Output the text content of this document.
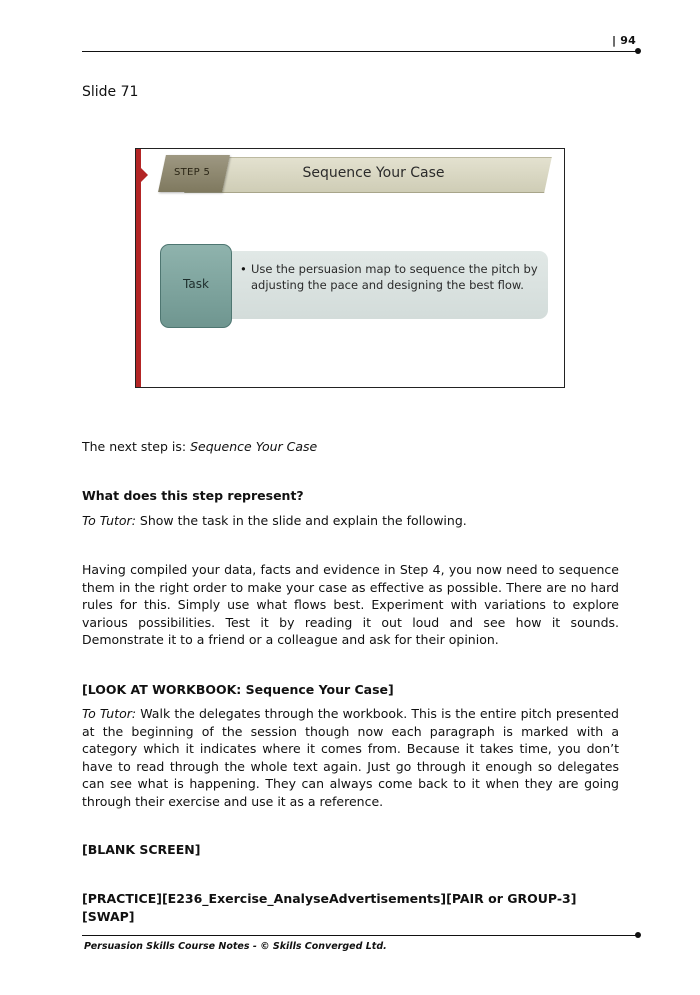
| 94
Slide 71
STEP 5	Sequence Your Case
Task
• Use the persuasion map to sequence the pitch by adjusting the pace and designing the best flow.
The next step is: Sequence Your Case
What does this step represent?
To Tutor: Show the task in the slide and explain the following.
Having compiled your data, facts and evidence in Step 4, you now need to sequence them in the right order to make your case as effective as possible. There are no hard rules for this. Simply use what flows best. Experiment with variations to explore various possibilities. Test it by reading it out loud and see how it sounds. Demonstrate it to a friend or a colleague and ask for their opinion.
[LOOK AT WORKBOOK: Sequence Your Case]
To Tutor: Walk the delegates through the workbook. This is the entire pitch presented at the beginning of the session though now each paragraph is marked with a category which it indicates where it comes from. Because it takes time, you don’t have to read through the whole text again. Just go through it enough so delegates can see what is happening. They can always come back to it when they are going through their exercise and use it as a reference.
[BLANK SCREEN]
[PRACTICE][E236_Exercise_AnalyseAdvertisements][PAIR or GROUP-3][SWAP]
Persuasion Skills Course Notes - © Skills Converged Ltd.
